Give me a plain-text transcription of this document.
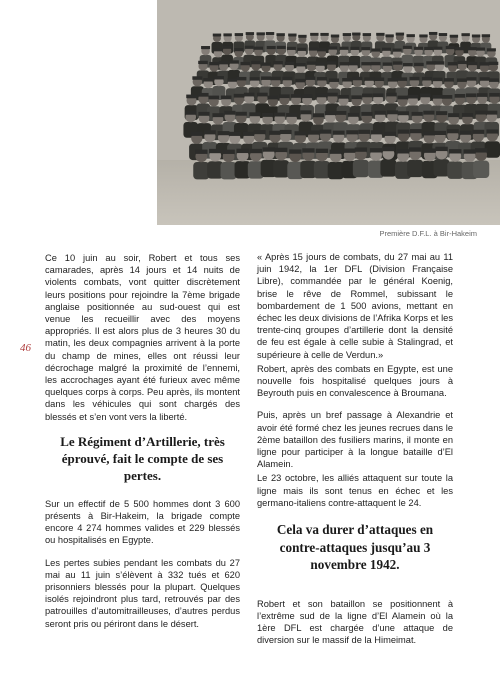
Première D.F.L. à Bir-Hakeim
46

Ce 10 juin au soir, Robert et tous ses camarades, après 14 jours et 14 nuits de violents combats, vont quitter discrètement leurs positions pour rejoindre la 7ème brigade anglaise positionnée au sud-ouest qui est venue les recueillir avec des moyens appropriés. Il est alors plus de 3 heures 30 du matin, les deux compagnies arrivent à la porte du champ de mines, elles ont réussi leur décrochage malgré la proximité de l’ennemi, les accrochages ayant été furieux avec même quelques corps à corps. Peu après, ils montent dans les véhicules qui sont chargés des blessés et s’en vont vers la liberté.

Le Régiment d’Artillerie, très éprouvé, fait le compte de ses pertes.

Sur un effectif de 5 500 hommes dont 3 600 présents à Bir-Hakeim, la brigade compte encore 4 274 hommes valides et 229 blessés ou hospitalisés en Egypte.

Les pertes subies pendant les combats du 27 mai au 11 juin s’élèvent à 332 tués et 620 prisonniers blessés pour la plupart. Quelques isolés rejoindront plus tard, retrouvés par des patrouilles d’automitrailleuses, d’autres perdus seront pris ou périront dans le désert.

« Après 15 jours de combats, du 27 mai au 11 juin 1942, la 1er DFL (Division Française Libre), commandée par le général Koenig, brise le rêve de Rommel, subissant le bombardement de 1 500 avions, mettant en échec les deux divisions de l’Afrika Korps et les trente-cinq groupes d’artillerie dont la densité de feu est égale à celle subie à Stalingrad, et supérieure à celle de Verdun.»

Robert, après des combats en Egypte, est une nouvelle fois hospitalisé quelques jours à Beyrouth puis en convalescence à Broumana.

Puis, après un bref passage à Alexandrie et avoir été formé chez les jeunes recrues dans le 2ème bataillon des fusiliers marins, il monte en ligne pour participer à la longue bataille d’El Alamein.

Le 23 octobre, les alliés attaquent sur toute la ligne mais ils sont tenus en échec et les germano-italiens contre-attaquent le 24.

Cela va durer d’attaques en contre-attaques jusqu’au 3 novembre 1942.

Robert et son bataillon se positionnent à l’extrême sud de la ligne d’El Alamein où la 1ère DFL est chargée d’une attaque de diversion sur le massif de la Himeimat.
